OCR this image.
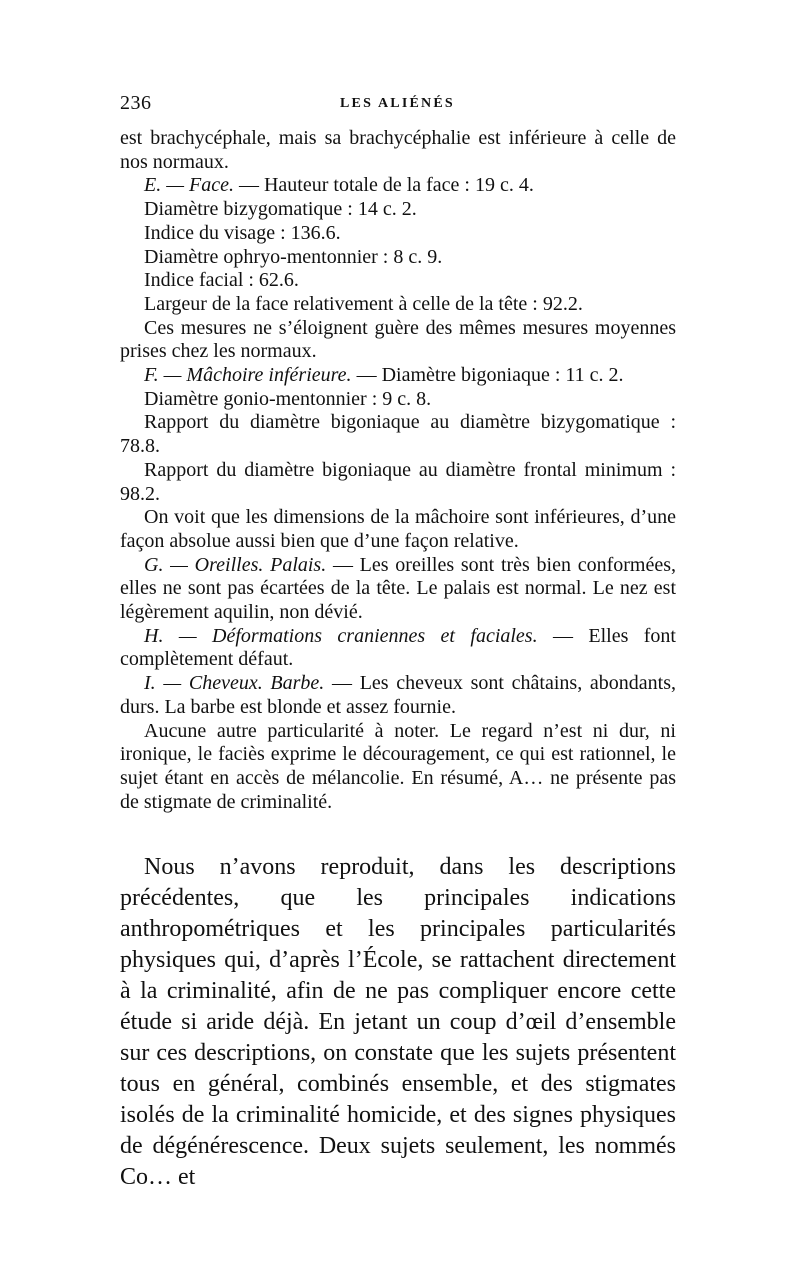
236	LES ALIÉNÉS

est brachycéphale, mais sa brachycéphalie est inférieure à celle de nos normaux.

E. — Face. — Hauteur totale de la face : 19 c. 4.

Diamètre bizygomatique : 14 c. 2.

Indice du visage : 136.6.

Diamètre ophryo-mentonnier : 8 c. 9.

Indice facial : 62.6.

Largeur de la face relativement à celle de la tête : 92.2.

Ces mesures ne s’éloignent guère des mêmes mesures moyennes prises chez les normaux.

F. — Mâchoire inférieure. — Diamètre bigoniaque : 11 c. 2.

Diamètre gonio-mentonnier : 9 c. 8.

Rapport du diamètre bigoniaque au diamètre bizygomatique : 78.8.

Rapport du diamètre bigoniaque au diamètre frontal minimum : 98.2.

On voit que les dimensions de la mâchoire sont inférieures, d’une façon absolue aussi bien que d’une façon relative.

G. — Oreilles. Palais. — Les oreilles sont très bien conformées, elles ne sont pas écartées de la tête. Le palais est normal. Le nez est légèrement aquilin, non dévié.

H. — Déformations craniennes et faciales. — Elles font complètement défaut.

I. — Cheveux. Barbe. — Les cheveux sont châtains, abondants, durs. La barbe est blonde et assez fournie.

Aucune autre particularité à noter. Le regard n’est ni dur, ni ironique, le faciès exprime le découragement, ce qui est rationnel, le sujet étant en accès de mélancolie. En résumé, A… ne présente pas de stigmate de criminalité.

Nous n’avons reproduit, dans les descriptions précédentes, que les principales indications anthropométriques et les principales particularités physiques qui, d’après l’École, se rattachent directement à la criminalité, afin de ne pas compliquer encore cette étude si aride déjà. En jetant un coup d’œil d’ensemble sur ces descriptions, on constate que les sujets présentent tous en général, combinés ensemble, et des stigmates isolés de la criminalité homicide, et des signes physiques de dégénérescence. Deux sujets seulement, les nommés Co… et
